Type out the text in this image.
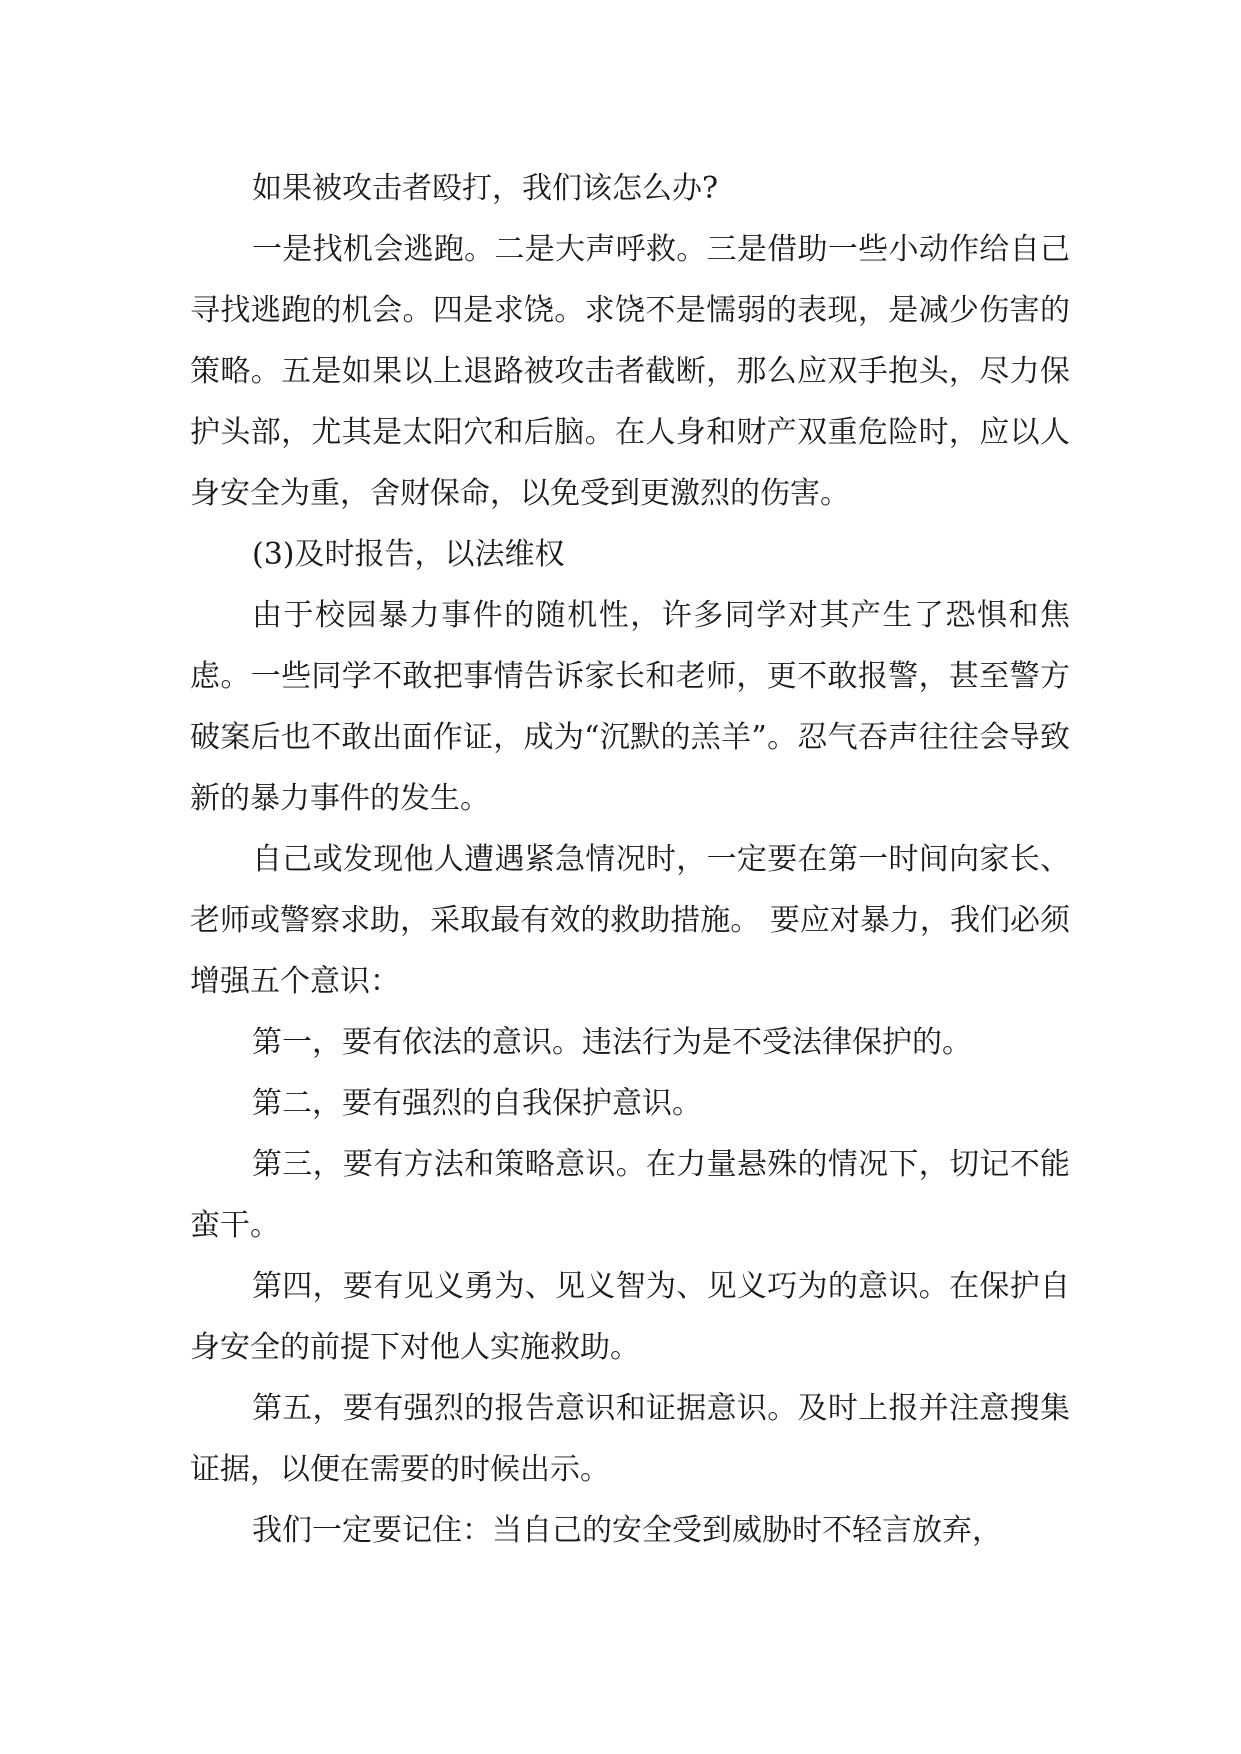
如果被攻击者殴打，我们该怎么办?

一是找机会逃跑。二是大声呼救。三是借助一些小动作给自己寻找逃跑的机会。四是求饶。求饶不是懦弱的表现，是减少伤害的策略。五是如果以上退路被攻击者截断，那么应双手抱头，尽力保护头部，尤其是太阳穴和后脑。在人身和财产双重危险时，应以人身安全为重，舍财保命，以免受到更激烈的伤害。

(3)及时报告，以法维权

由于校园暴力事件的随机性，许多同学对其产生了恐惧和焦虑。一些同学不敢把事情告诉家长和老师，更不敢报警，甚至警方破案后也不敢出面作证，成为“沉默的羔羊”。忍气吞声往往会导致新的暴力事件的发生。

自己或发现他人遭遇紧急情况时，一定要在第一时间向家长、老师或警察求助，采取最有效的救助措施。 要应对暴力，我们必须增强五个意识：

第一，要有依法的意识。违法行为是不受法律保护的。

第二，要有强烈的自我保护意识。

第三，要有方法和策略意识。在力量悬殊的情况下，切记不能蛮干。

第四，要有见义勇为、见义智为、见义巧为的意识。在保护自身安全的前提下对他人实施救助。

第五，要有强烈的报告意识和证据意识。及时上报并注意搜集证据，以便在需要的时候出示。

我们一定要记住：当自己的安全受到威胁时不轻言放弃，
